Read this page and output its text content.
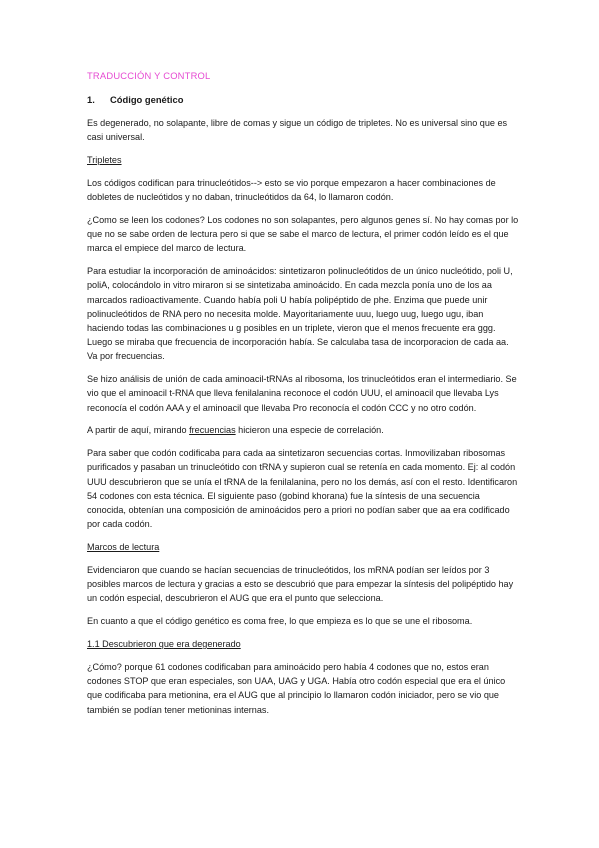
TRADUCCIÓN Y CONTROL
1. Código genético

Es degenerado, no solapante, libre de comas y sigue un código de tripletes. No es universal sino que es casi universal.

Tripletes

Los códigos codifican para trinucleótidos--> esto se vio porque empezaron a hacer combinaciones de dobletes de nucleótidos y no daban, trinucleótidos da 64, lo llamaron codón.

¿Como se leen los codones? Los codones no son solapantes, pero algunos genes sí. No hay comas por lo que no se sabe orden de lectura pero si que se sabe el marco de lectura, el primer codón leído es el que marca el empiece del marco de lectura.

Para estudiar la incorporación de aminoácidos: sintetizaron polinucleótidos de un único nucleótido, poli U, poliA, colocándolo in vitro miraron si se sintetizaba aminoácido. En cada mezcla ponía uno de los aa marcados radioactivamente. Cuando había poli U había polipéptido de phe. Enzima que puede unir polinucleótidos de RNA pero no necesita molde. Mayoritariamente uuu, luego uug, luego ugu, iban haciendo todas las combinaciones u g posibles en un triplete, vieron que el menos frecuente era ggg. Luego se miraba que frecuencia de incorporación había. Se calculaba tasa de incorporacion de cada aa. Va por frecuencias.

Se hizo análisis de unión de cada aminoacil-tRNAs al ribosoma, los trinucleótidos eran el intermediario. Se vio que el aminoacil t-RNA que lleva fenilalanina reconoce el codón UUU, el aminoacil que llevaba Lys reconocía el codón AAA y el aminoacil que llevaba Pro reconocía el codón CCC y no otro codón.

A partir de aquí, mirando frecuencias hicieron una especie de correlación.

Para saber que codón codificaba para cada aa sintetizaron secuencias cortas. Inmovilizaban ribosomas purificados y pasaban un trinucleótido con tRNA y supieron cual se retenía en cada momento. Ej: al codón UUU descubrieron que se unía el tRNA de la fenilalanina, pero no los demás, así con el resto. Identificaron 54 codones con esta técnica. El siguiente paso (gobind khorana) fue la síntesis de una secuencia conocida, obtenían una composición de aminoácidos pero a priori no podían saber que aa era codificado por cada codón.

Marcos de lectura

Evidenciaron que cuando se hacían secuencias de trinucleótidos, los mRNA podían ser leídos por 3 posibles marcos de lectura y gracias a esto se descubrió que para empezar la síntesis del polipéptido hay un codón especial, descubrieron el AUG que era el punto que selecciona.

En cuanto a que el código genético es coma free, lo que empieza es lo que se une el ribosoma.

1.1 Descubrieron que era degenerado

¿Cómo? porque 61 codones codificaban para aminoácido pero había 4 codones que no, estos eran codones STOP que eran especiales, son UAA, UAG y UGA. Había otro codón especial que era el único que codificaba para metionina, era el AUG que al principio lo llamaron codón iniciador, pero se vio que también se podían tener metioninas internas.
